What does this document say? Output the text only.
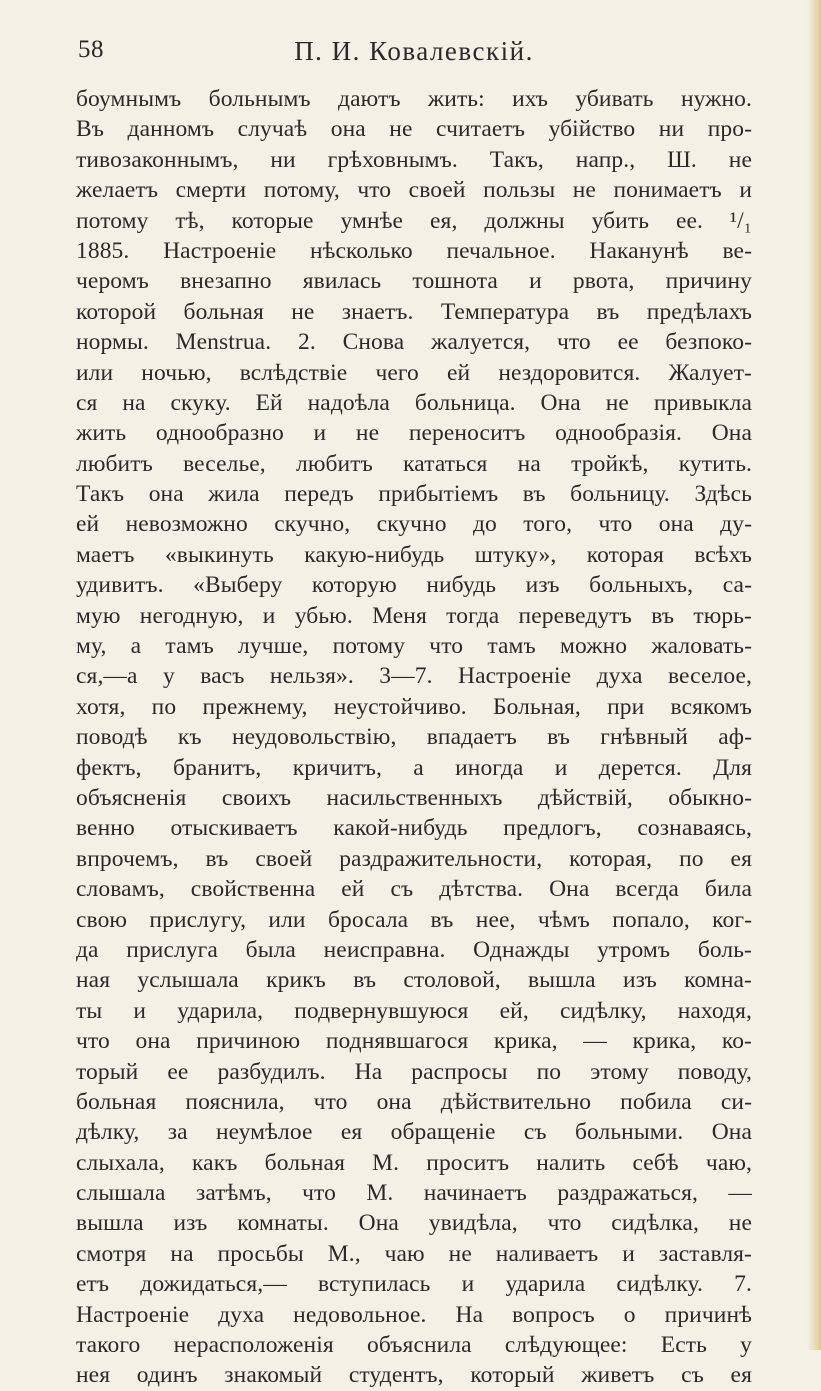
58	П. И. Ковалевскій.
боумнымъ больнымъ даютъ жить: ихъ убивать нужно.
Въ данномъ случаѣ она не считаетъ убійство ни про-
тивозаконнымъ, ни грѣховнымъ. Такъ, напр., Ш. не
желаетъ смерти потому, что своей пользы не понимаетъ и
потому тѣ, которые умнѣе ея, должны убить ее. ¹/₁
1885. Настроеніе нѣсколько печальное. Наканунѣ ве-
черомъ внезапно явилась тошнота и рвота, причину
которой больная не знаетъ. Температура въ предѣлахъ
нормы. Menstrua. 2. Снова жалуется, что ее безпоко-
или ночью, вслѣдствіе чего ей нездоровится. Жалует-
ся на скуку. Ей надоѣла больница. Она не привыкла
жить однообразно и не переноситъ однообразія. Она
любитъ веселье, любитъ кататься на тройкѣ, кутить.
Такъ она жила передъ прибытіемъ въ больницу. Здѣсь
ей невозможно скучно, скучно до того, что она ду-
маетъ «выкинуть какую-нибудь штуку», которая всѣхъ
удивитъ. «Выберу которую нибудь изъ больныхъ, са-
мую негодную, и убью. Меня тогда переведутъ въ тюрь-
му, а тамъ лучше, потому что тамъ можно жаловать-
ся,—а у васъ нельзя». 3—7. Настроеніе духа веселое,
хотя, по прежнему, неустойчиво. Больная, при всякомъ
поводѣ къ неудовольствію, впадаетъ въ гнѣвный аф-
фектъ, бранитъ, кричитъ, а иногда и дерется. Для
объясненія своихъ насильственныхъ дѣйствій, обыкно-
венно отыскиваетъ какой-нибудь предлогъ, сознаваясь,
впрочемъ, въ своей раздражительности, которая, по ея
словамъ, свойственна ей съ дѣтства. Она всегда била
свою прислугу, или бросала въ нее, чѣмъ попало, ког-
да прислуга была неисправна. Однажды утромъ боль-
ная услышала крикъ въ столовой, вышла изъ комна-
ты и ударила, подвернувшуюся ей, сидѣлку, находя,
что она причиною поднявшагося крика, — крика, ко-
торый ее разбудилъ. На распросы по этому поводу,
больная пояснила, что она дѣйствительно побила си-
дѣлку, за неумѣлое ея обращеніе съ больными. Она
слыхала, какъ больная М. проситъ налить себѣ чаю,
слышала затѣмъ, что М. начинаетъ раздражаться, —
вышла изъ комнаты. Она увидѣла, что сидѣлка, не
смотря на просьбы М., чаю не наливаетъ и заставля-
етъ дожидаться,— вступилась и ударила сидѣлку. 7.
Настроеніе духа недовольное. На вопросъ о причинѣ
такого нерасположенія объяснила слѣдующее: Есть у
нея одинъ знакомый студентъ, который живетъ съ ея
